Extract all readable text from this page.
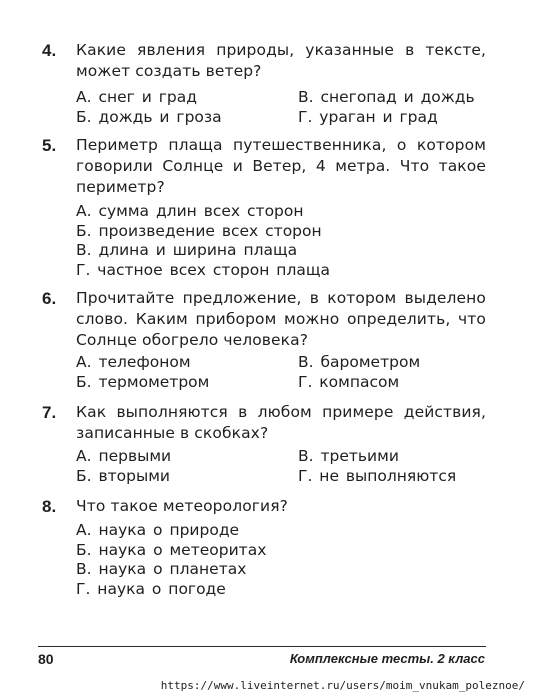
4. Какие явления природы, указанные в тексте, может создать ветер?
А. снег и град	В. снегопад и дождь
Б. дождь и гроза	Г. ураган и град
5. Периметр плаща путешественника, о котором говорили Солнце и Ветер, 4 метра. Что такое периметр?
А. сумма длин всех сторон
Б. произведение всех сторон
В. длина и ширина плаща
Г. частное всех сторон плаща
6. Прочитайте предложение, в котором выделено слово. Каким прибором можно определить, что Солнце обогрело человека?
А. телефоном	В. барометром
Б. термометром	Г. компасом
7. Как выполняются в любом примере действия, записанные в скобках?
А. первыми	В. третьими
Б. вторыми	Г. не выполняются
8. Что такое метеорология?
А. наука о природе
Б. наука о метеоритах
В. наука о планетах
Г. наука о погоде
80	Комплексные тесты. 2 класс
https://www.liveinternet.ru/users/moim_vnukam_poleznoe/
